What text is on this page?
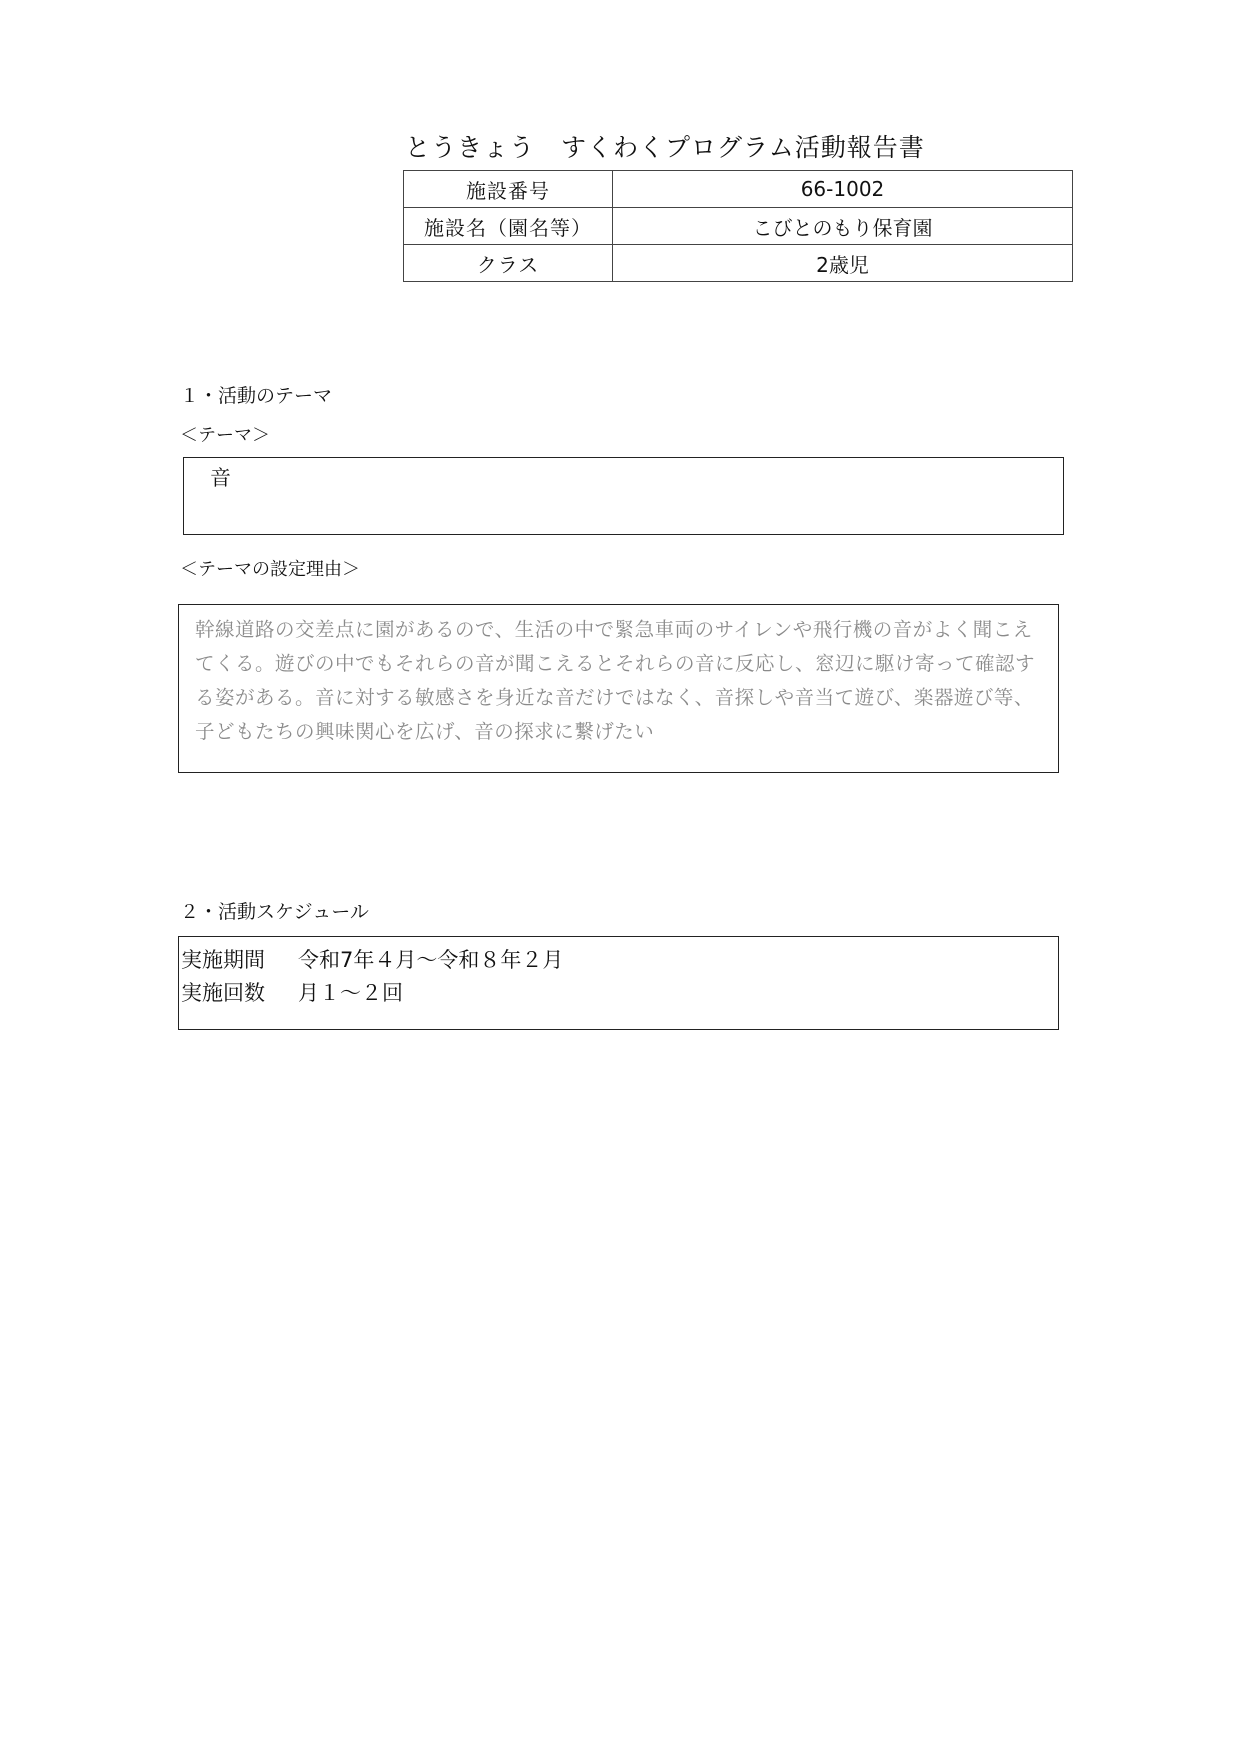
とうきょう　すくわくプログラム活動報告書
施設番号	66-1002
施設名（園名等）	こびとのもり保育園
クラス	2歳児
１・活動のテーマ
＜テーマ＞
音
＜テーマの設定理由＞
幹線道路の交差点に園があるので、生活の中で緊急車両のサイレンや飛行機の音がよく聞こえてくる。遊びの中でもそれらの音が聞こえるとそれらの音に反応し、窓辺に駆け寄って確認する姿がある。音に対する敏感さを身近な音だけではなく、音探しや音当て遊び、楽器遊び等、子どもたちの興味関心を広げ、音の探求に繋げたい
２・活動スケジュール
実施期間 令和7年４月～令和８年２月
実施回数 月１～２回
